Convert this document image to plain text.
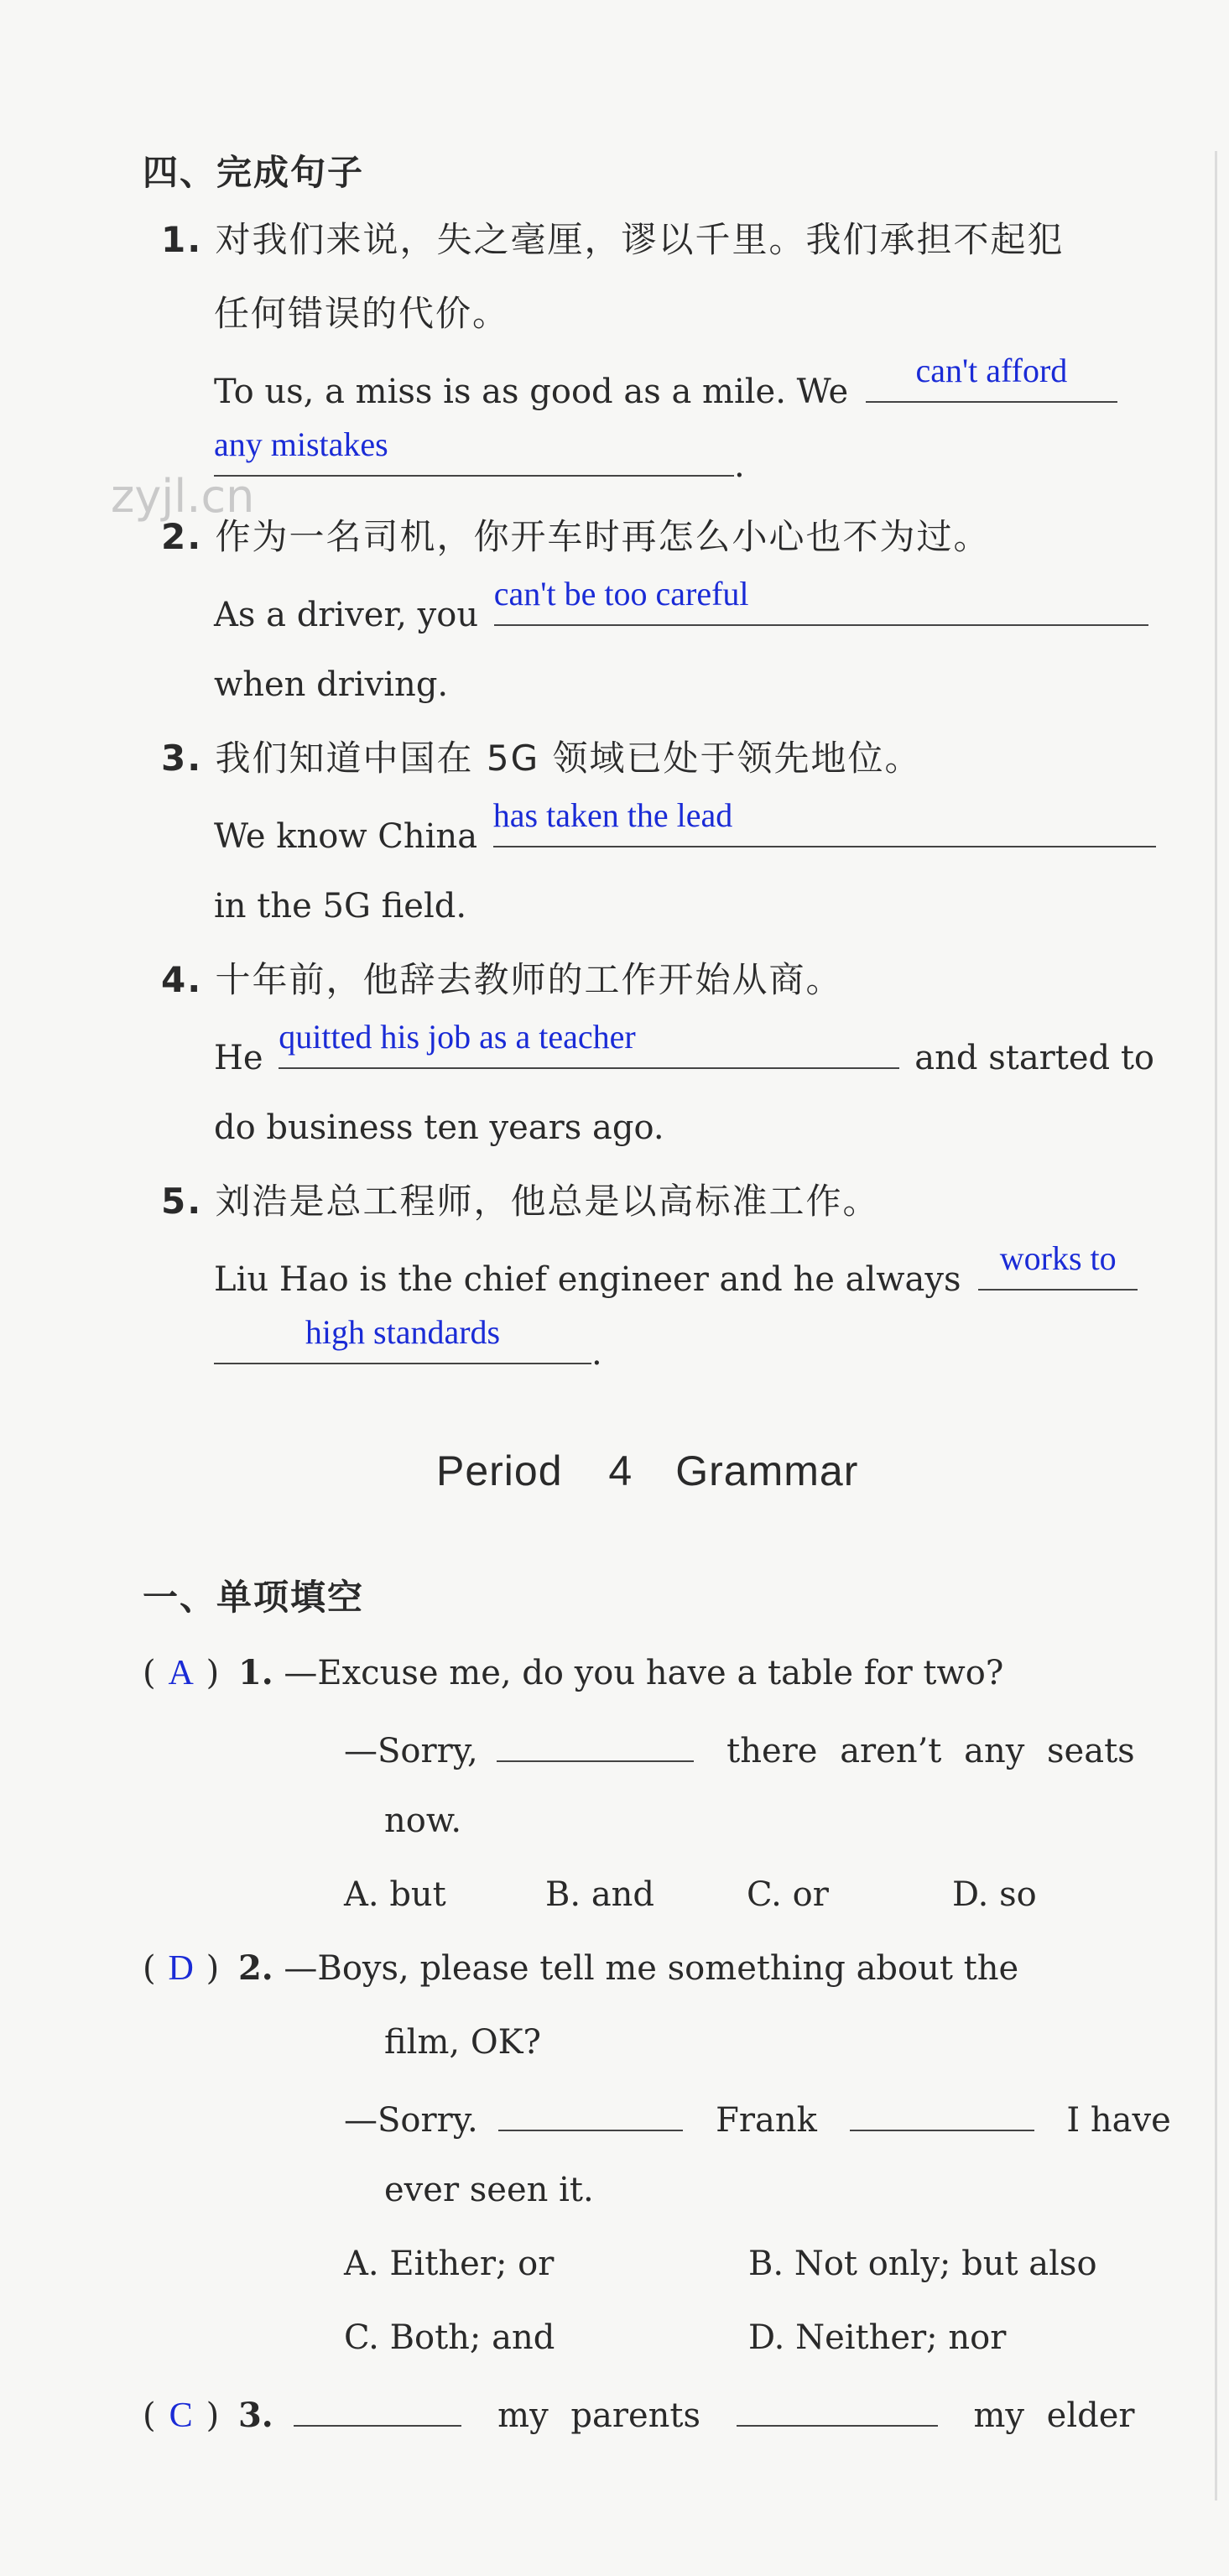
四、完成句子
1. 对我们来说，失之毫厘，谬以千里。我们承担不起犯
任何错误的代价。
To us, a miss is as good as a mile. We
can't afford
any mistakes
.
zyjl.cn
2. 作为一名司机，你开车时再怎么小心也不为过。
As a driver, you
can't be too careful
when driving.
3. 我们知道中国在 5G 领域已处于领先地位。
We know China
has taken the lead
in the 5G field.
4. 十年前，他辞去教师的工作开始从商。
He
quitted his job as a teacher
and started to
do business ten years ago.
5. 刘浩是总工程师，他总是以高标准工作。
Liu Hao is the chief engineer and he always
works to
high standards
.
Period 4　Grammar
一、单项填空
( A ) 1. —Excuse me, do you have a table for two?
—Sorry,	there aren’t any seats
now.
A. but	B. and	C. or	D. so
( D ) 2. —Boys, please tell me something about the
film, OK?
—Sorry.	Frank	I have
ever seen it.
A. Either; or	B. Not only; but also
C. Both; and	D. Neither; nor
( C ) 3.	my parents	my elder
